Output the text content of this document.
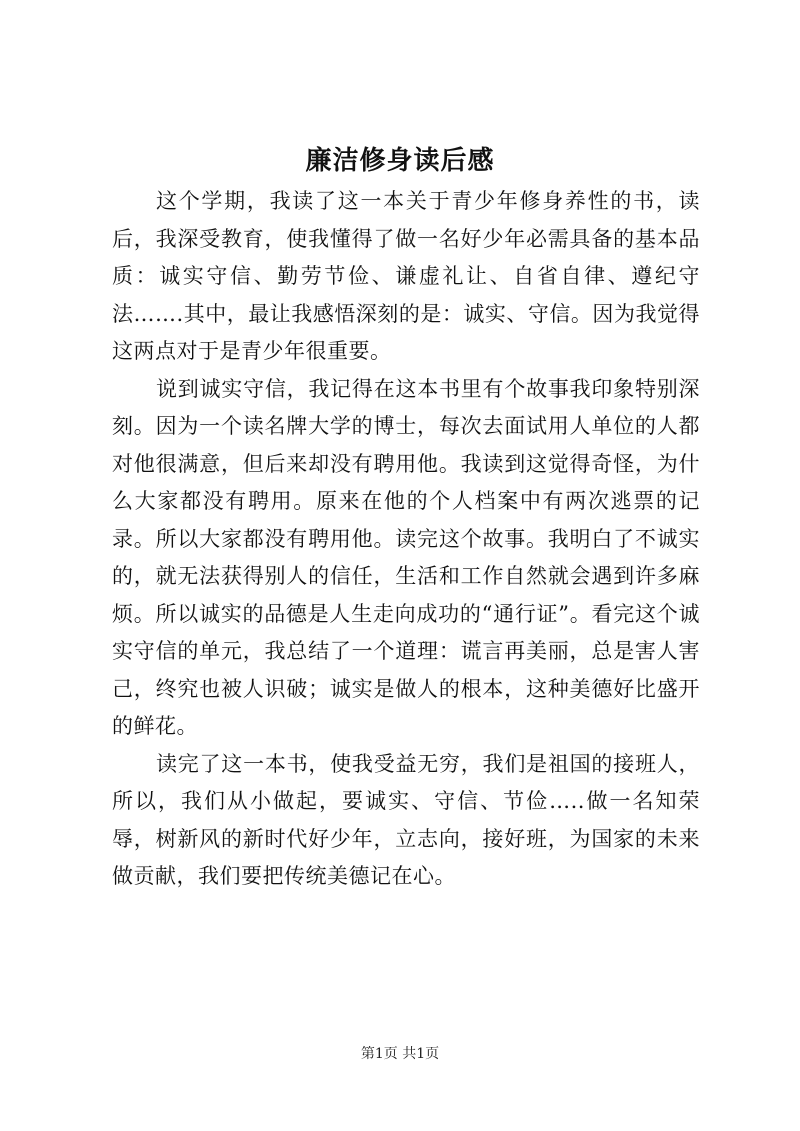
廉洁修身读后感

这个学期，我读了这一本关于青少年修身养性的书，读后，我深受教育，使我懂得了做一名好少年必需具备的基本品质：诚实守信、勤劳节俭、谦虚礼让、自省自律、遵纪守法…….其中，最让我感悟深刻的是：诚实、守信。因为我觉得这两点对于是青少年很重要。

说到诚实守信，我记得在这本书里有个故事我印象特别深刻。因为一个读名牌大学的博士，每次去面试用人单位的人都对他很满意，但后来却没有聘用他。我读到这觉得奇怪，为什么大家都没有聘用。原来在他的个人档案中有两次逃票的记录。所以大家都没有聘用他。读完这个故事。我明白了不诚实的，就无法获得别人的信任，生活和工作自然就会遇到许多麻烦。所以诚实的品德是人生走向成功的“通行证”。看完这个诚实守信的单元，我总结了一个道理：谎言再美丽，总是害人害己，终究也被人识破；诚实是做人的根本，这种美德好比盛开的鲜花。

读完了这一本书，使我受益无穷，我们是祖国的接班人，所以，我们从小做起，要诚实、守信、节俭…..做一名知荣辱，树新风的新时代好少年，立志向，接好班，为国家的未来做贡献，我们要把传统美德记在心。

第1页 共1页
